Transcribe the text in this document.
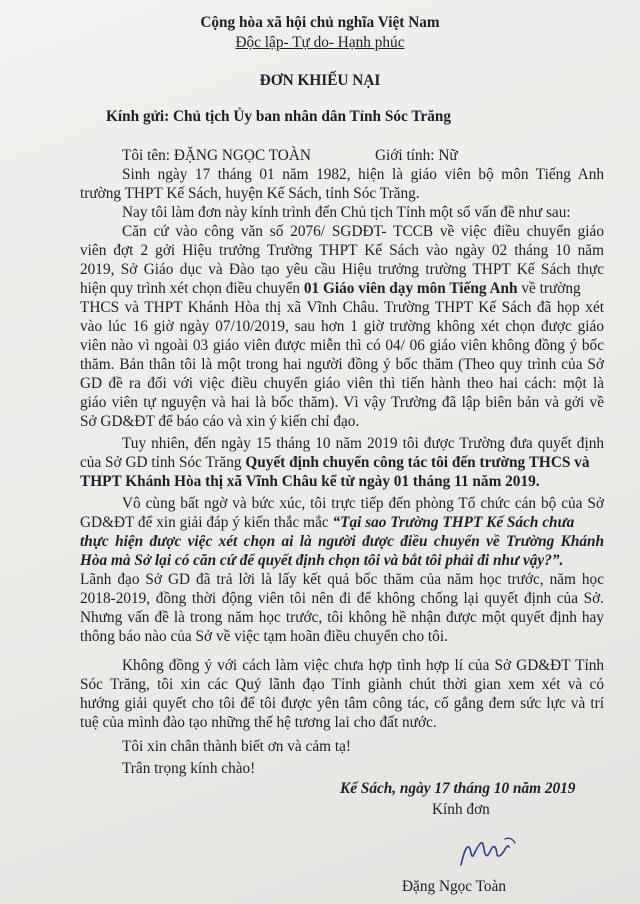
Cộng hòa xã hội chủ nghĩa Việt Nam
Độc lập- Tự do- Hạnh phúc
ĐƠN KHIẾU NẠI
Kính gửi: Chủ tịch Ủy ban nhân dân Tỉnh Sóc Trăng
Tôi tên: ĐẶNG NGỌC TOÀN	Giới tính: Nữ
Sinh ngày 17 tháng 01 năm 1982, hiện là giáo viên bộ môn Tiếng Anh
trường THPT Kế Sách, huyện Kế Sách, tỉnh Sóc Trăng.
Nay tôi làm đơn này kính trình đến Chủ tịch Tỉnh một số vấn đề như sau:
Căn cứ vào công văn số 2076/ SGDĐT- TCCB về việc điều chuyển giáo
viên đợt 2 gởi Hiệu trưởng Trường THPT Kế Sách vào ngày 02 tháng 10 năm
2019, Sở Giáo dục và Đào tạo yêu cầu Hiệu trưởng trường THPT Kế Sách thực
hiện quy trình xét chọn điều chuyển 01 Giáo viên dạy môn Tiếng Anh về trường
THCS và THPT Khánh Hòa thị xã Vĩnh Châu. Trường THPT Kế Sách đã họp xét
vào lúc 16 giờ ngày 07/10/2019, sau hơn 1 giờ trường không xét chọn được giáo
viên nào vì ngoài 03 giáo viên được miễn thì có 04/ 06 giáo viên không đồng ý bốc
thăm. Bản thân tôi là một trong hai người đồng ý bốc thăm (Theo quy trình của Sở
GD đề ra đối với việc điều chuyển giáo viên thì tiến hành theo hai cách: một là
giáo viên tự nguyện và hai là bốc thăm). Vì vậy Trường đã lập biên bản và gởi về
Sở GD&ĐT để báo cáo và xin ý kiến chỉ đạo.
Tuy nhiên, đến ngày 15 tháng 10 năm 2019 tôi được Trường đưa quyết định
của Sở GD tỉnh Sóc Trăng Quyết định chuyển công tác tôi đến trường THCS và
THPT Khánh Hòa thị xã Vĩnh Châu kể từ ngày 01 tháng 11 năm 2019.
Vô cùng bất ngờ và bức xúc, tôi trực tiếp đến phòng Tổ chức cán bộ của Sở
GD&ĐT để xin giải đáp ý kiến thắc mắc “Tại sao Trường THPT Kế Sách chưa
thực hiện được việc xét chọn ai là người được điều chuyển về Trường Khánh
Hòa mà Sở lại có căn cứ để quyết định chọn tôi và bắt tôi phải đi như vậy?”.
Lãnh đạo Sở GD đã trả lời là lấy kết quả bốc thăm của năm học trước, năm học
2018-2019, đồng thời động viên tôi nên đi để không chống lại quyết định của Sở.
Nhưng vấn đề là trong năm học trước, tôi không hề nhận được một quyết định hay
thông báo nào của Sở về việc tạm hoãn điều chuyển cho tôi.
Không đồng ý với cách làm việc chưa hợp tình hợp lí của Sở GD&ĐT Tỉnh
Sóc Trăng, tôi xin các Quý lãnh đạo Tỉnh giành chút thời gian xem xét và có
hướng giải quyết cho tôi để tôi được yên tâm công tác, cố gắng đem sức lực và trí
tuệ của mình đào tạo những thế hệ tương lai cho đất nước.
Tôi xin chân thành biết ơn và cảm tạ!
Trân trọng kính chào!
Kế Sách, ngày 17 tháng 10 năm 2019
Kính đơn
Đặng Ngọc Toàn
